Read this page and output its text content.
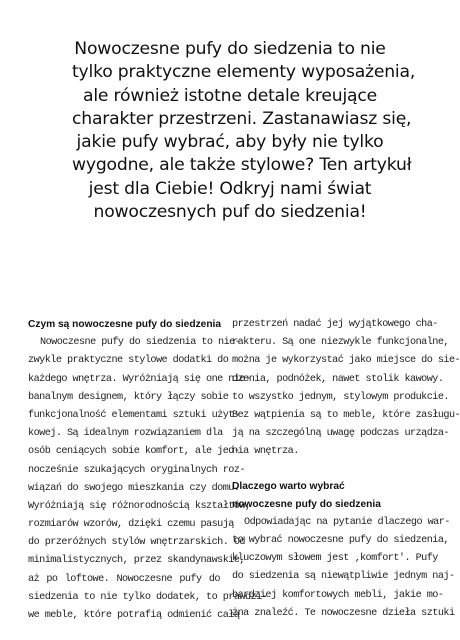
Nowoczesne pufy do siedzenia to nie
tylko praktyczne elementy wyposażenia,
ale również istotne detale kreujące
charakter przestrzeni. Zastanawiasz się,
jakie pufy wybrać, aby były nie tylko
wygodne, ale także stylowe? Ten artykuł
jest dla Ciebie! Odkryj nami świat
nowoczesnych puf do siedzenia!
Czym są nowoczesne pufy do siedzenia
Nowoczesne pufy do siedzenia to nie-
zwykle praktyczne stylowe dodatki do
każdego wnętrza. Wyróżniają się one nie-
banalnym designem, który łączy sobie
funkcjonalność elementami sztuki użyt-
kowej. Są idealnym rozwiązaniem dla
osób ceniących sobie komfort, ale jed-
nocześnie szukających oryginalnych roz-
wiązań do swojego mieszkania czy domu.
Wyróżniają się różnorodnością kształtów,
rozmiarów wzorów, dzięki czemu pasują
do przeróżnych stylów wnętrzarskich. Od
minimalistycznych, przez skandynawskie,
aż po loftowe. Nowoczesne pufy do
siedzenia to nie tylko dodatek, to prawdzi-
we meble, które potrafią odmienić całą
przestrzeń nadać jej wyjątkowego cha-
rakteru. Są one niezwykle funkcjonalne,
można je wykorzystać jako miejsce do sie-
dzenia, podnóżek, nawet stolik kawowy.
to wszystko jednym, stylowym produkcie.
Bez wątpienia są to meble, które zasługu-
ją na szczególną uwagę podczas urządza-
nia wnętrza.
Dlaczego warto wybrać
nowoczesne pufy do siedzenia
Odpowiadając na pytanie dlaczego war-
to wybrać nowoczesne pufy do siedzenia,
kluczowym słowem jest ‚komfort'. Pufy
do siedzenia są niewątpliwie jednym naj-
bardziej komfortowych mebli, jakie mo-
żna znaleźć. Te nowoczesne dzieła sztuki
